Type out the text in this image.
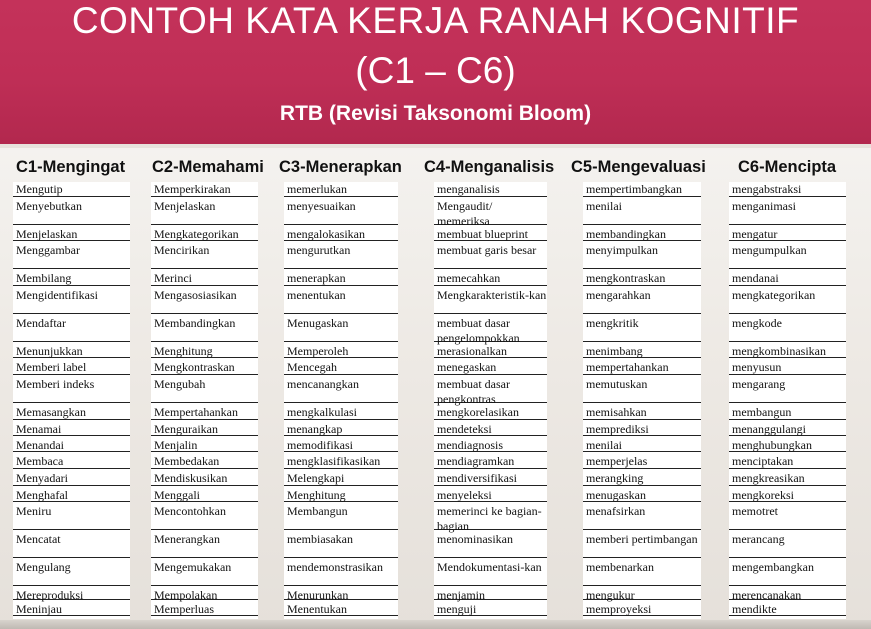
CONTOH KATA KERJA RANAH KOGNITIF
(C1 – C6)
RTB (Revisi Taksonomi Bloom)
C1-Mengingat C2-Memahami C3-Menerapkan C4-Menganalisis C5-Mengevaluasi C6-Mencipta
Mengutip
Menyebutkan
Menjelaskan
Menggambar
Membilang
Mengidentifikasi
Mendaftar
Menunjukkan
Memberi label
Memberi indeks
Memasangkan
Menamai
Menandai
Membaca
Menyadari
Menghafal
Meniru
Mencatat
Mengulang
Mereproduksi
Meninjau
Memperkirakan
Menjelaskan
Mengkategorikan
Mencirikan
Merinci
Mengasosiasikan
Membandingkan
Menghitung
Mengkontraskan
Mengubah
Mempertahankan
Menguraikan
Menjalin
Membedakan
Mendiskusikan
Menggali
Mencontohkan
Menerangkan
Mengemukakan
Mempolakan
Memperluas
memerlukan
menyesuaikan
mengalokasikan
mengurutkan
menerapkan
menentukan
Menugaskan
Memperoleh
Mencegah
mencanangkan
mengkalkulasi
menangkap
memodifikasi
mengklasifikasikan
Melengkapi
Menghitung
Membangun
membiasakan
mendemonstrasikan
Menurunkan
Menentukan
menganalisis
Mengaudit/ memeriksa
membuat blueprint
membuat garis besar
memecahkan
Mengkarakteristik-kan
membuat dasar pengelompokkan
merasionalkan
menegaskan
membuat dasar pengkontras
mengkorelasikan
mendeteksi
mendiagnosis
mendiagramkan
mendiversifikasi
menyeleksi
memerinci ke bagian-bagian
menominasikan
Mendokumentasi-kan
menjamin
menguji
mempertimbangkan
menilai
membandingkan
menyimpulkan
mengkontraskan
mengarahkan
mengkritik
menimbang
mempertahankan
memutuskan
memisahkan
memprediksi
menilai
memperjelas
merangking
menugaskan
menafsirkan
memberi pertimbangan
membenarkan
mengukur
memproyeksi
mengabstraksi
menganimasi
mengatur
mengumpulkan
mendanai
mengkategorikan
mengkode
mengkombinasikan
menyusun
mengarang
membangun
menanggulangi
menghubungkan
menciptakan
mengkreasikan
mengkoreksi
memotret
merancang
mengembangkan
merencanakan
mendikte
